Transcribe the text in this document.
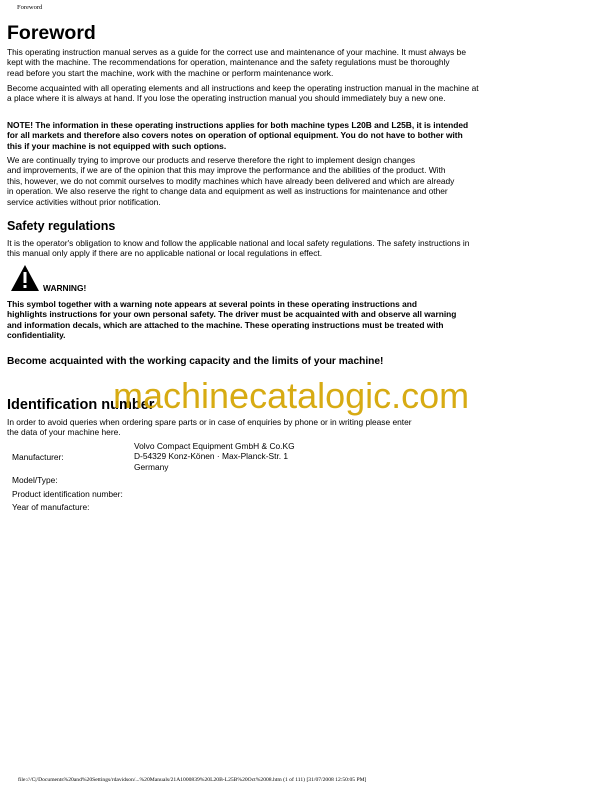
Foreword
Foreword

This operating instruction manual serves as a guide for the correct use and maintenance of your machine. It must always be
kept with the machine. The recommendations for operation, maintenance and the safety regulations must be thoroughly
read before you start the machine, work with the machine or perform maintenance work.

Become acquainted with all operating elements and all instructions and keep the operating instruction manual in the machine at
a place where it is always at hand. If you lose the operating instruction manual you should immediately buy a new one.

NOTE! The information in these operating instructions applies for both machine types L20B and L25B, it is intended
for all markets and therefore also covers notes on operation of optional equipment. You do not have to bother with
this if your machine is not equipped with such options.

We are continually trying to improve our products and reserve therefore the right to implement design changes
and improvements, if we are of the opinion that this may improve the performance and the abilities of the product. With
this, however, we do not commit ourselves to modify machines which have already been delivered and which are already
in operation. We also reserve the right to change data and equipment as well as instructions for maintenance and other
service activities without prior notification.

Safety regulations

It is the operator's obligation to know and follow the applicable national and local safety regulations. The safety instructions in
this manual only apply if there are no applicable national or local regulations in effect.

WARNING!

This symbol together with a warning note appears at several points in these operating instructions and
highlights instructions for your own personal safety. The driver must be acquainted with and observe all warning
and information decals, which are attached to the machine. These operating instructions must be treated with
confidentiality.

Become acquainted with the working capacity and the limits of your machine!

Identification number
machinecatalogic.com

In order to avoid queries when ordering spare parts or in case of enquiries by phone or in writing please enter
the data of your machine here.

Volvo Compact Equipment GmbH & Co.KG
D-54329 Konz-Könen · Max-Planck-Str. 1
Germany
Manufacturer:
Model/Type:
Product identification number:
Year of manufacture:
file:///C|/Documents%20and%20Settings/rdavidson/...%20Manuals/21A1000839%20L20B-L25B%20Oct%2008.htm (1 of 111) [31/07/2008 12:50:05 PM]
